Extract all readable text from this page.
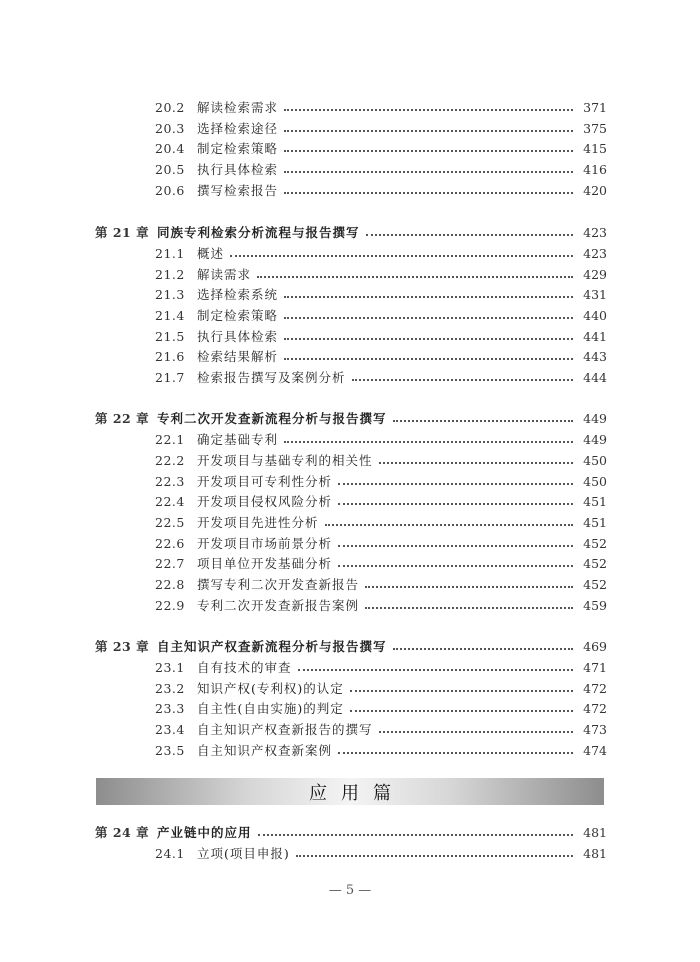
20.2 解读检索需求	371
20.3 选择检索途径	375
20.4 制定检索策略	415
20.5 执行具体检索	416
20.6 撰写检索报告	420
第 21 章 同族专利检索分析流程与报告撰写	423
21.1 概述	423
21.2 解读需求	429
21.3 选择检索系统	431
21.4 制定检索策略	440
21.5 执行具体检索	441
21.6 检索结果解析	443
21.7 检索报告撰写及案例分析	444
第 22 章 专利二次开发查新流程分析与报告撰写	449
22.1 确定基础专利	449
22.2 开发项目与基础专利的相关性	450
22.3 开发项目可专利性分析	450
22.4 开发项目侵权风险分析	451
22.5 开发项目先进性分析	451
22.6 开发项目市场前景分析	452
22.7 项目单位开发基础分析	452
22.8 撰写专利二次开发查新报告	452
22.9 专利二次开发查新报告案例	459
第 23 章 自主知识产权查新流程分析与报告撰写	469
23.1 自有技术的审查	471
23.2 知识产权(专利权)的认定	472
23.3 自主性(自由实施)的判定	472
23.4 自主知识产权查新报告的撰写	473
23.5 自主知识产权查新案例	474
第 24 章 产业链中的应用	481
24.1 立项(项目申报)	481
应用篇
— 5 —
